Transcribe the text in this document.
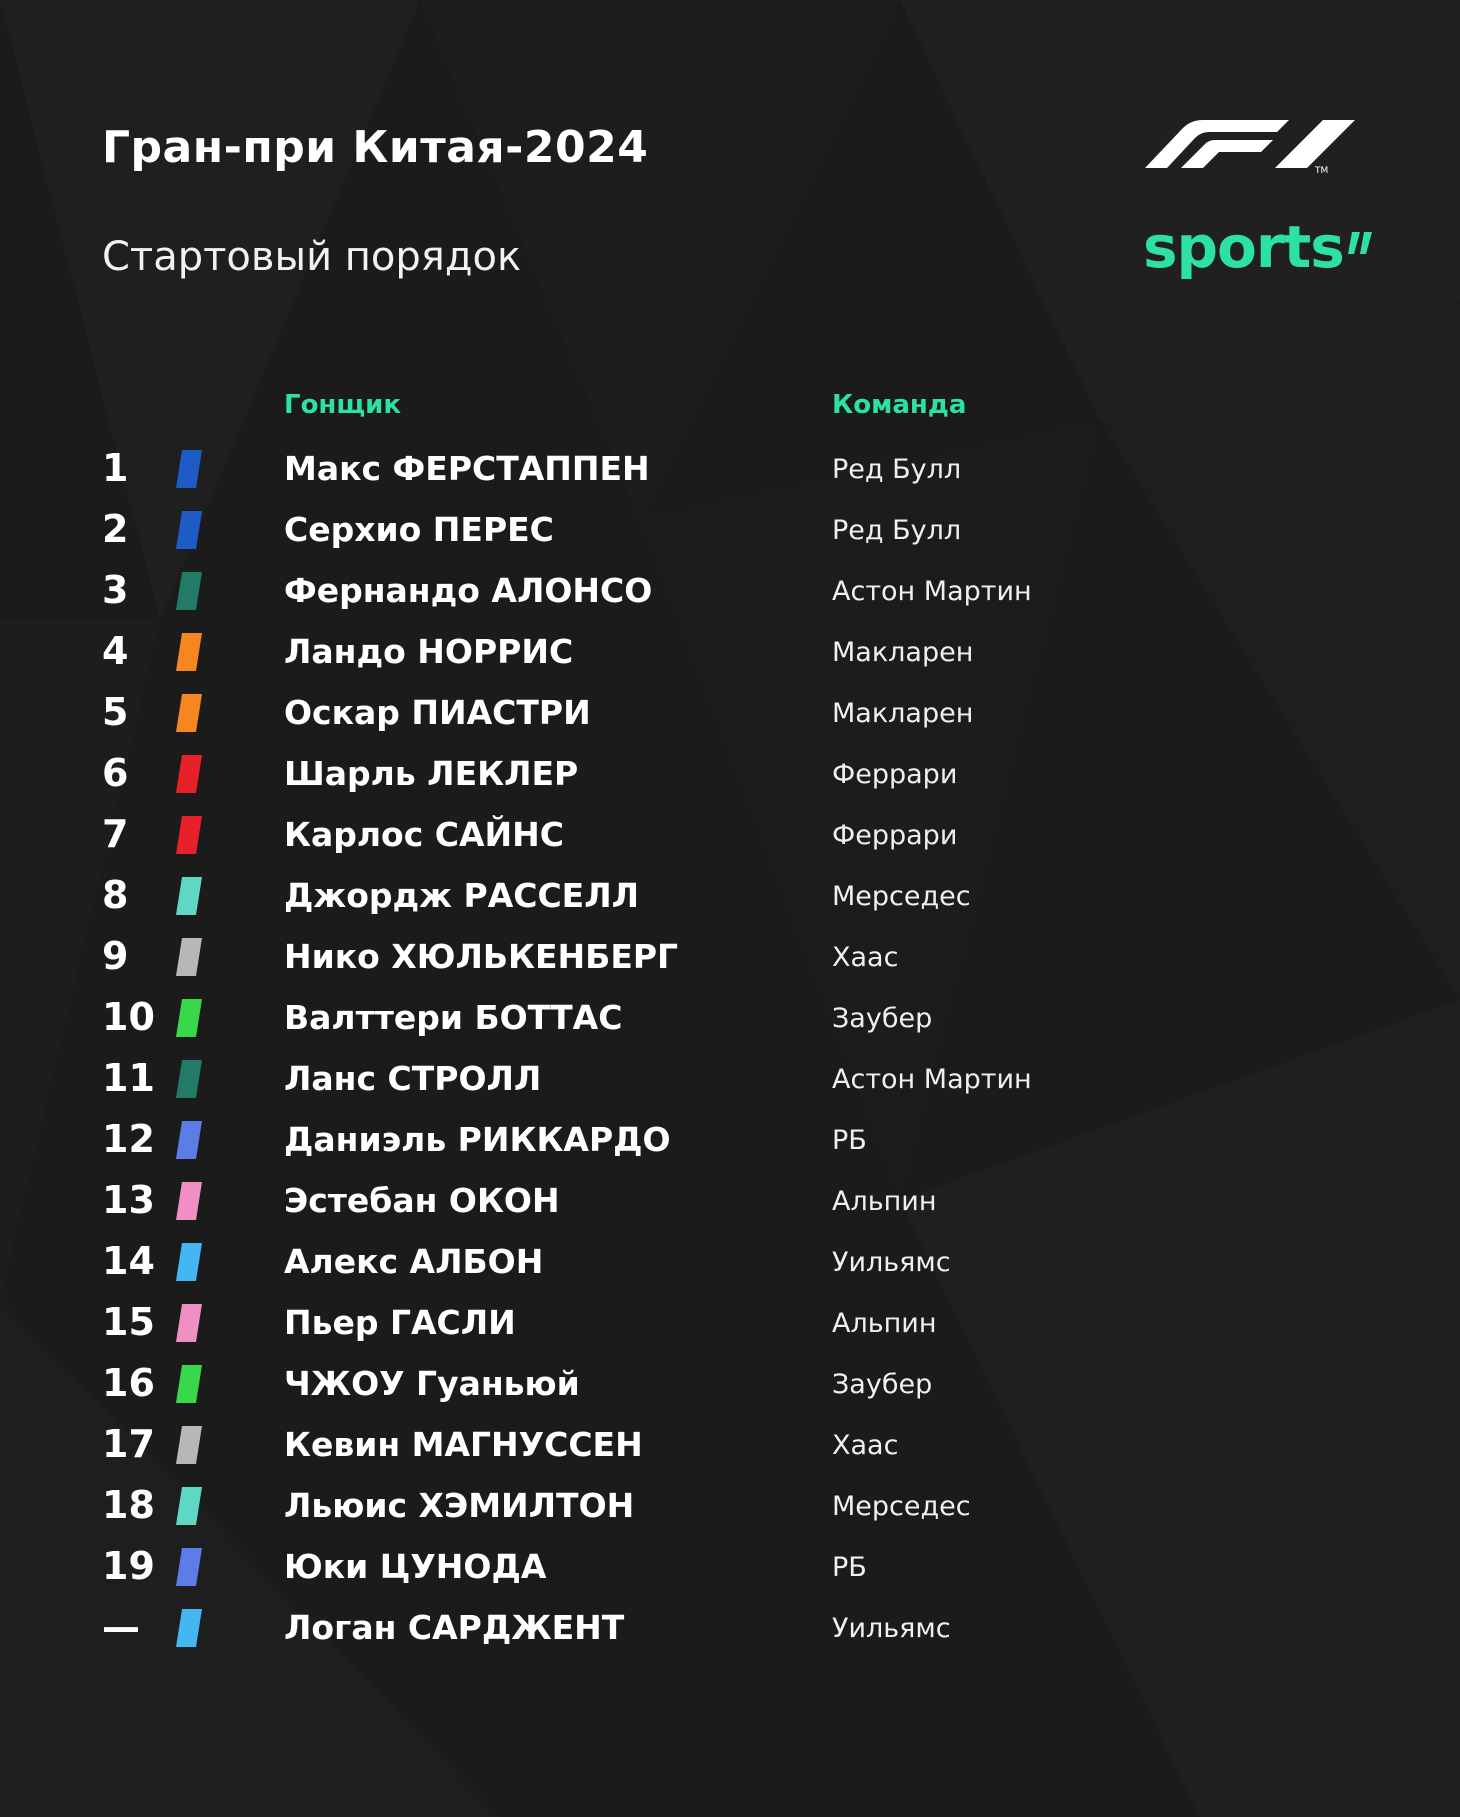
Гран-при Китая-2024
Стартовый порядок
TM
sports
Гонщик	Команда
1	Макс ФЕРСТАППЕН	Ред Булл
2	Серхио ПЕРЕС	Ред Булл
3	Фернандо АЛОНСО	Астон Мартин
4	Ландо НОРРИС	Макларен
5	Оскар ПИАСТРИ	Макларен
6	Шарль ЛЕКЛЕР	Феррари
7	Карлос САЙНС	Феррари
8	Джордж РАССЕЛЛ	Мерседес
9	Нико ХЮЛЬКЕНБЕРГ	Хаас
10	Валттери БОТТАС	Заубер
11	Ланс СТРОЛЛ	Астон Мартин
12	Даниэль РИККАРДО	РБ
13	Эстебан ОКОН	Альпин
14	Алекс АЛБОН	Уильямс
15	Пьер ГАСЛИ	Альпин
16	ЧЖОУ Гуаньюй	Заубер
17	Кевин МАГНУССЕН	Хаас
18	Льюис ХЭМИЛТОН	Мерседес
19	Юки ЦУНОДА	РБ
—	Логан САРДЖЕНТ	Уильямс
